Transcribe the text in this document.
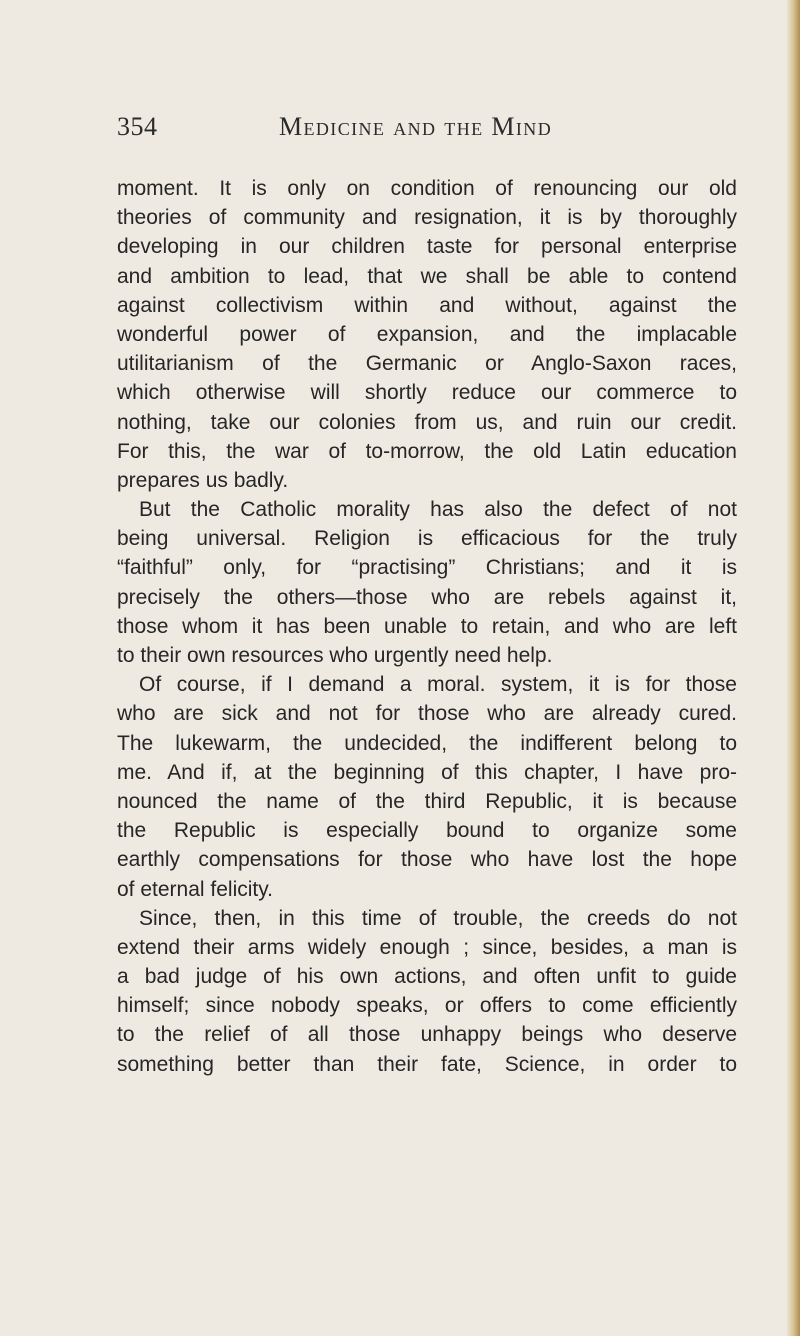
354	Medicine and the Mind
moment. It is only on condition of renouncing our old
theories of community and resignation, it is by thoroughly
developing in our children taste for personal enterprise
and ambition to lead, that we shall be able to contend
against collectivism within and without, against the
wonderful power of expansion, and the implacable
utilitarianism of the Germanic or Anglo-Saxon races,
which otherwise will shortly reduce our commerce to
nothing, take our colonies from us, and ruin our credit.
For this, the war of to-morrow, the old Latin education
prepares us badly.
But the Catholic morality has also the defect of not
being universal. Religion is efficacious for the truly
“faithful” only, for “practising” Christians; and it is
precisely the others—those who are rebels against it,
those whom it has been unable to retain, and who are left
to their own resources who urgently need help.
Of course, if I demand a moral. system, it is for those
who are sick and not for those who are already cured.
The lukewarm, the undecided, the indifferent belong to
me. And if, at the beginning of this chapter, I have pro-
nounced the name of the third Republic, it is because
the Republic is especially bound to organize some
earthly compensations for those who have lost the hope
of eternal felicity.
Since, then, in this time of trouble, the creeds do not
extend their arms widely enough ; since, besides, a man is
a bad judge of his own actions, and often unfit to guide
himself; since nobody speaks, or offers to come efficiently
to the relief of all those unhappy beings who deserve
something better than their fate, Science, in order to
